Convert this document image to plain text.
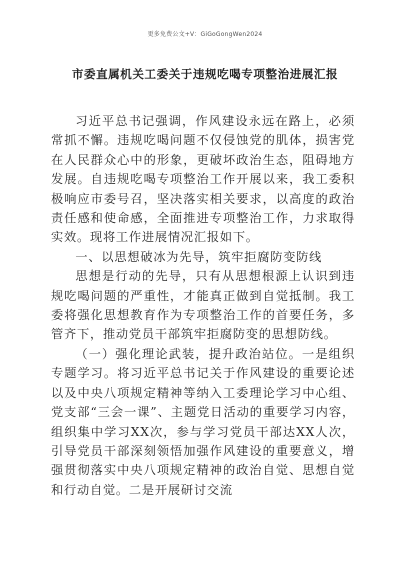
更多免费公文+V：GiGoGongWen2024
市委直属机关工委关于违规吃喝专项整治进展汇报

习近平总书记强调，作风建设永远在路上，必须常抓不懈。违规吃喝问题不仅侵蚀党的肌体，损害党在人民群众心中的形象，更破坏政治生态，阻碍地方发展。自违规吃喝专项整治工作开展以来，我工委积极响应市委号召，坚决落实相关要求，以高度的政治责任感和使命感，全面推进专项整治工作，力求取得实效。现将工作进展情况汇报如下。

一、以思想破冰为先导，筑牢拒腐防变防线

思想是行动的先导，只有从思想根源上认识到违规吃喝问题的严重性，才能真正做到自觉抵制。我工委将强化思想教育作为专项整治工作的首要任务，多管齐下，推动党员干部筑牢拒腐防变的思想防线。

（一）强化理论武装，提升政治站位。一是组织专题学习。将习近平总书记关于作风建设的重要论述以及中央八项规定精神等纳入工委理论学习中心组、党支部“三会一课”、主题党日活动的重要学习内容，组织集中学习XX次，参与学习党员干部达XX人次，引导党员干部深刻领悟加强作风建设的重要意义，增强贯彻落实中央八项规定精神的政治自觉、思想自觉和行动自觉。二是开展研讨交流
